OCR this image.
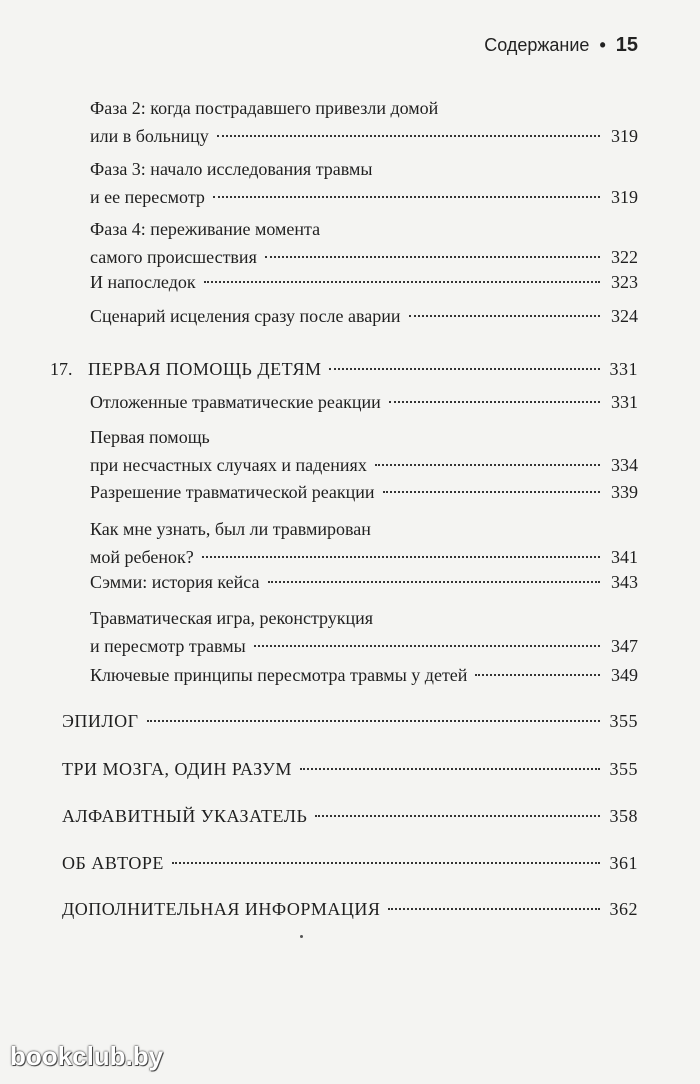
Содержание • 15
Фаза 2: когда пострадавшего привезли домой
или в больницу	319
Фаза 3: начало исследования травмы
и ее пересмотр	319
Фаза 4: переживание момента
самого происшествия	322
И напоследок	323
Сценарий исцеления сразу после аварии	324
17. ПЕРВАЯ ПОМОЩЬ ДЕТЯМ	331
Отложенные травматические реакции	331
Первая помощь
при несчастных случаях и падениях	334
Разрешение травматической реакции	339
Как мне узнать, был ли травмирован
мой ребенок?	341
Сэмми: история кейса	343
Травматическая игра, реконструкция
и пересмотр травмы	347
Ключевые принципы пересмотра травмы у детей	349
ЭПИЛОГ	355
ТРИ МОЗГА, ОДИН РАЗУМ	355
АЛФАВИТНЫЙ УКАЗАТЕЛЬ	358
ОБ АВТОРЕ	361
ДОПОЛНИТЕЛЬНАЯ ИНФОРМАЦИЯ	362
bookclub.by
